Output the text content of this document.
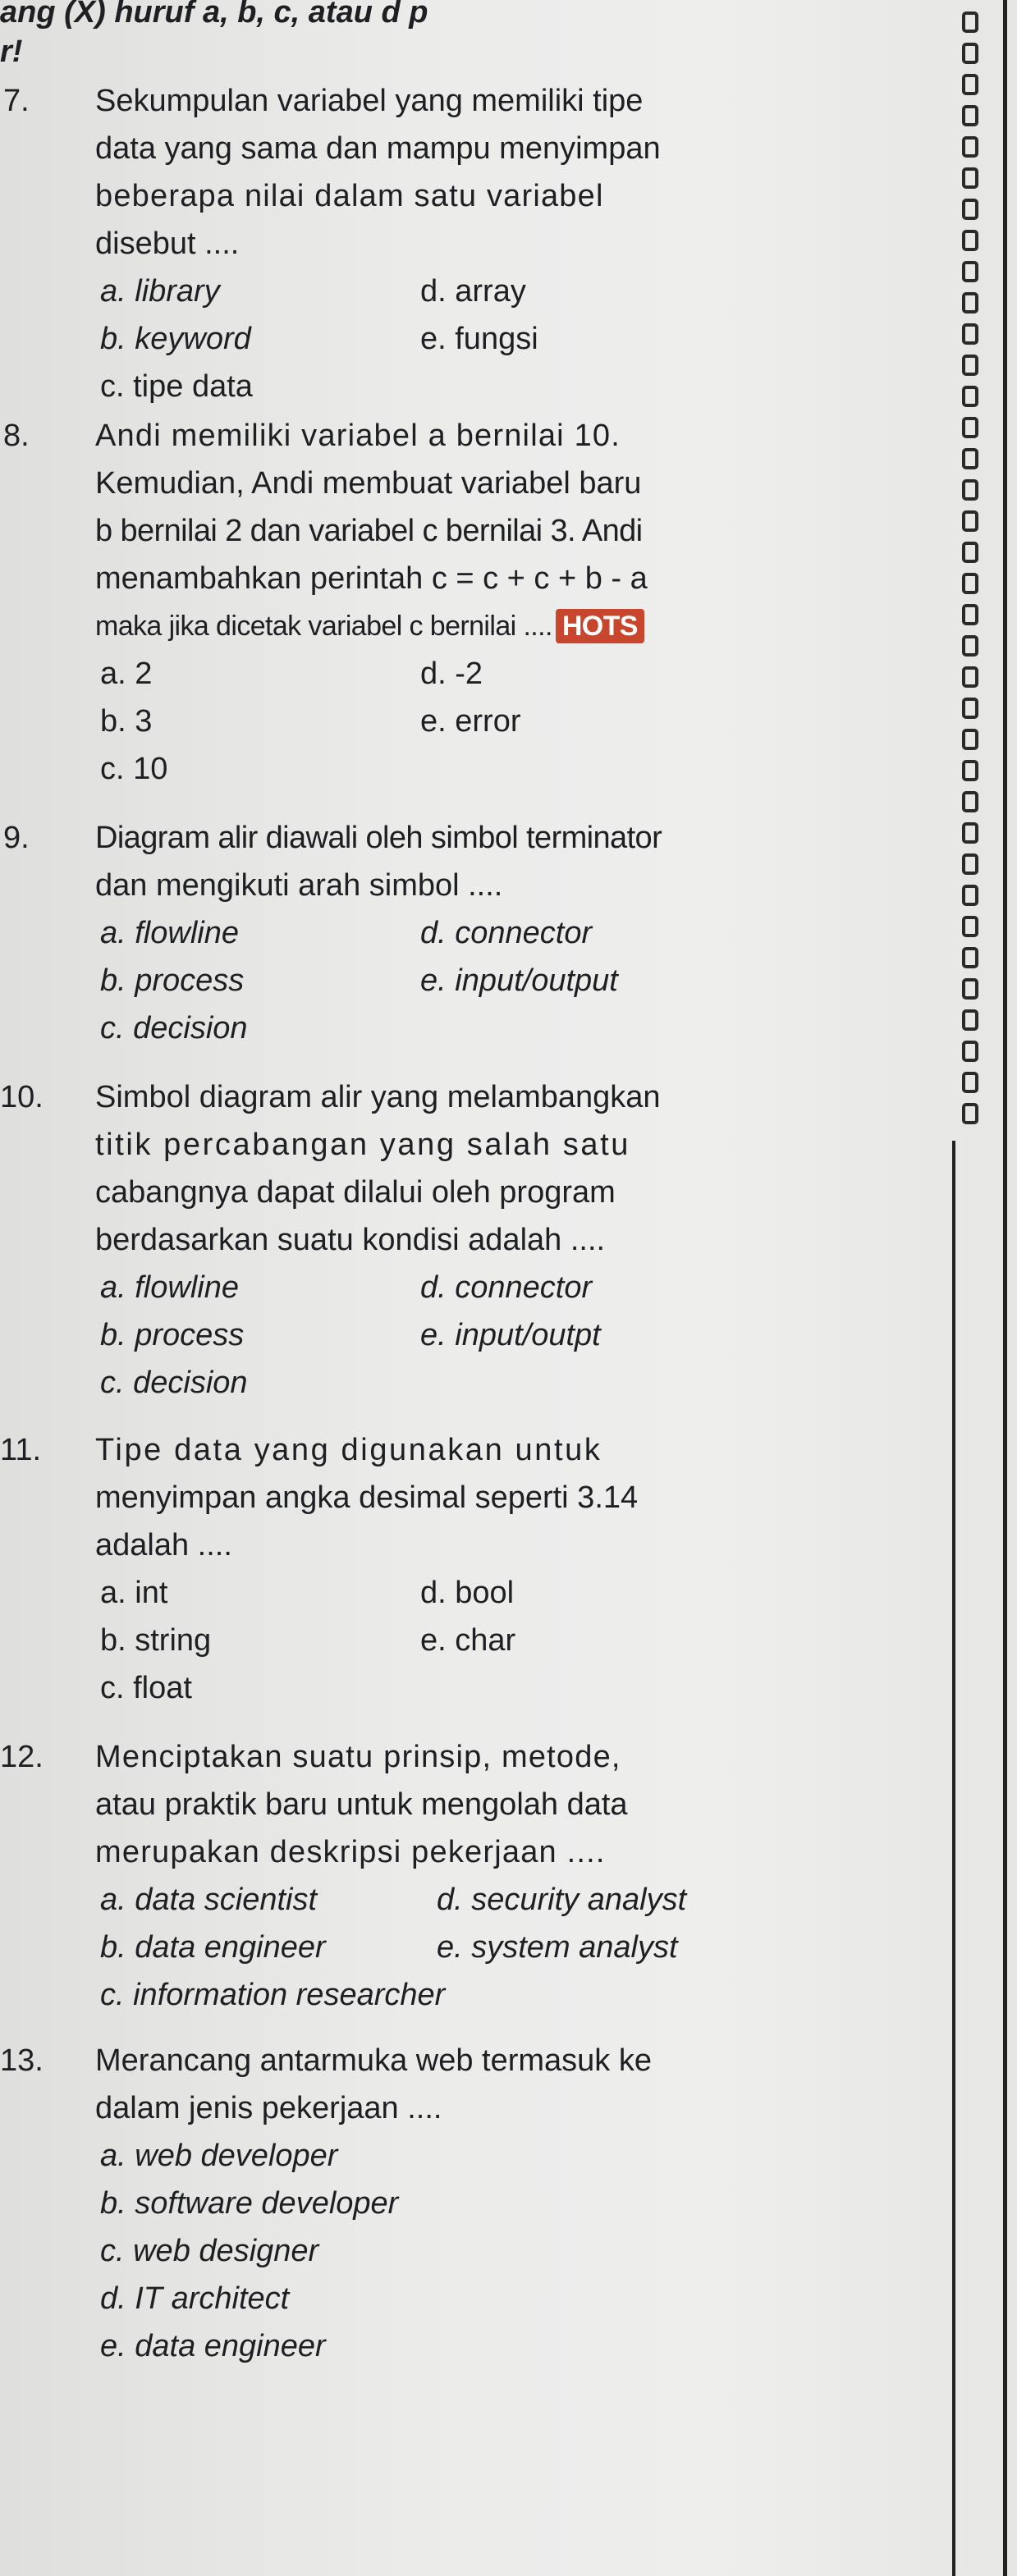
ang (X) huruf a, b, c, atau d p
r!
7. Sekumpulan variabel yang memiliki tipe
data yang sama dan mampu menyimpan
beberapa nilai dalam satu variabel
disebut ....
a. library
b. keyword
c. tipe data
d. array
e. fungsi
8. Andi memiliki variabel a bernilai 10.
Kemudian, Andi membuat variabel baru
b bernilai 2 dan variabel c bernilai 3. Andi
menambahkan perintah c = c + c + b - a
maka jika dicetak variabel c bernilai .... HOTS
a. 2
b. 3
c. 10
d. -2
e. error
9. Diagram alir diawali oleh simbol terminator
dan mengikuti arah simbol ....
a. flowline
b. process
c. decision
d. connector
e. input/output
10. Simbol diagram alir yang melambangkan
titik percabangan yang salah satu
cabangnya dapat dilalui oleh program
berdasarkan suatu kondisi adalah ....
a. flowline
b. process
c. decision
d. connector
e. input/outpt
11. Tipe data yang digunakan untuk
menyimpan angka desimal seperti 3.14
adalah ....
a. int
b. string
c. float
d. bool
e. char
12. Menciptakan suatu prinsip, metode,
atau praktik baru untuk mengolah data
merupakan deskripsi pekerjaan ....
a. data scientist
b. data engineer
c. information researcher
d. security analyst
e. system analyst
13. Merancang antarmuka web termasuk ke
dalam jenis pekerjaan ....
a. web developer
b. software developer
c. web designer
d. IT architect
e. data engineer
